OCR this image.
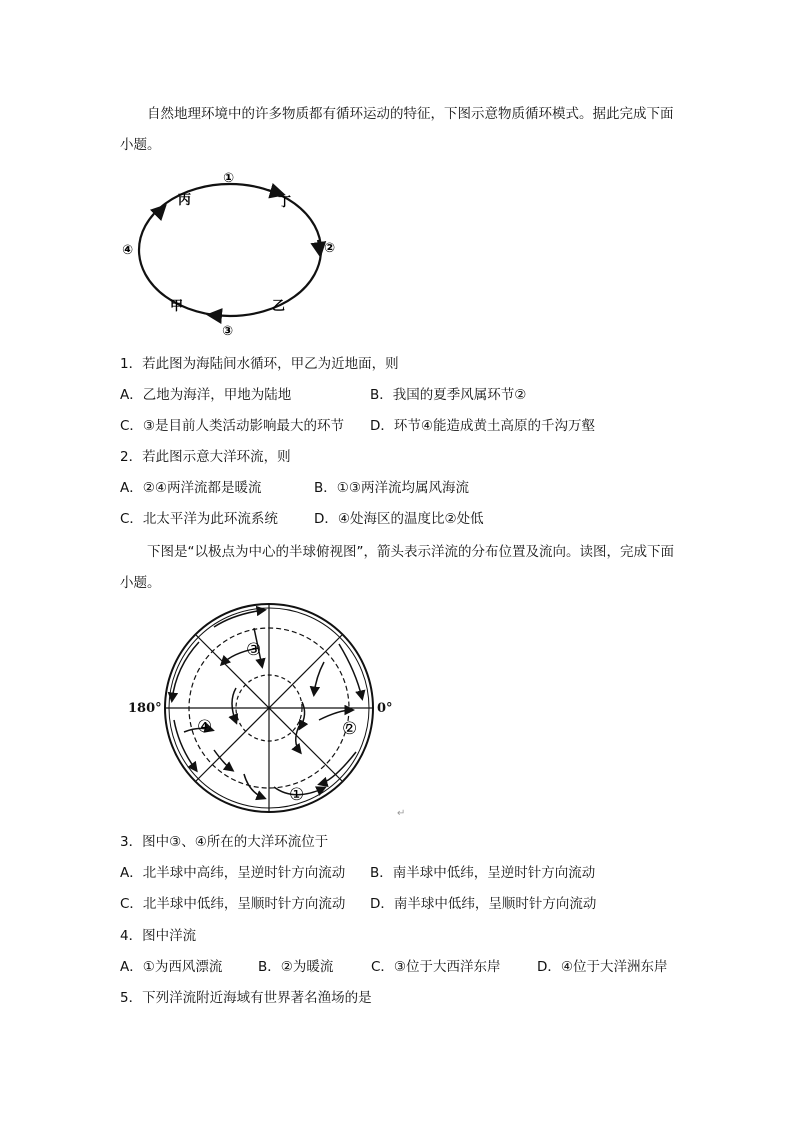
自然地理环境中的许多物质都有循环运动的特征，下图示意物质循环模式。据此完成下面小题。
丙	丁
乙
甲
①
②
③
④
1．若此图为海陆间水循环，甲乙为近地面，则
A．乙地为海洋，甲地为陆地	B．我国的夏季风属环节②
C．③是目前人类活动影响最大的环节 D．环节④能造成黄土高原的千沟万壑
2．若此图示意大洋环流，则
A．②④两洋流都是暖流	B．①③两洋流均属风海流
C．北太平洋为此环流系统	D．④处海区的温度比②处低
下图是“以极点为中心的半球俯视图”，箭头表示洋流的分布位置及流向。读图，完成下面小题。
③
④	②
①
180°	0°
↵
3．图中③、④所在的大洋环流位于
A．北半球中高纬，呈逆时针方向流动 B．南半球中低纬，呈逆时针方向流动
C．北半球中低纬，呈顺时针方向流动 D．南半球中低纬，呈顺时针方向流动
4．图中洋流
A．①为西风漂流	B．②为暖流	C．③位于大西洋东岸	D．④位于大洋洲东岸
5．下列洋流附近海域有世界著名渔场的是
